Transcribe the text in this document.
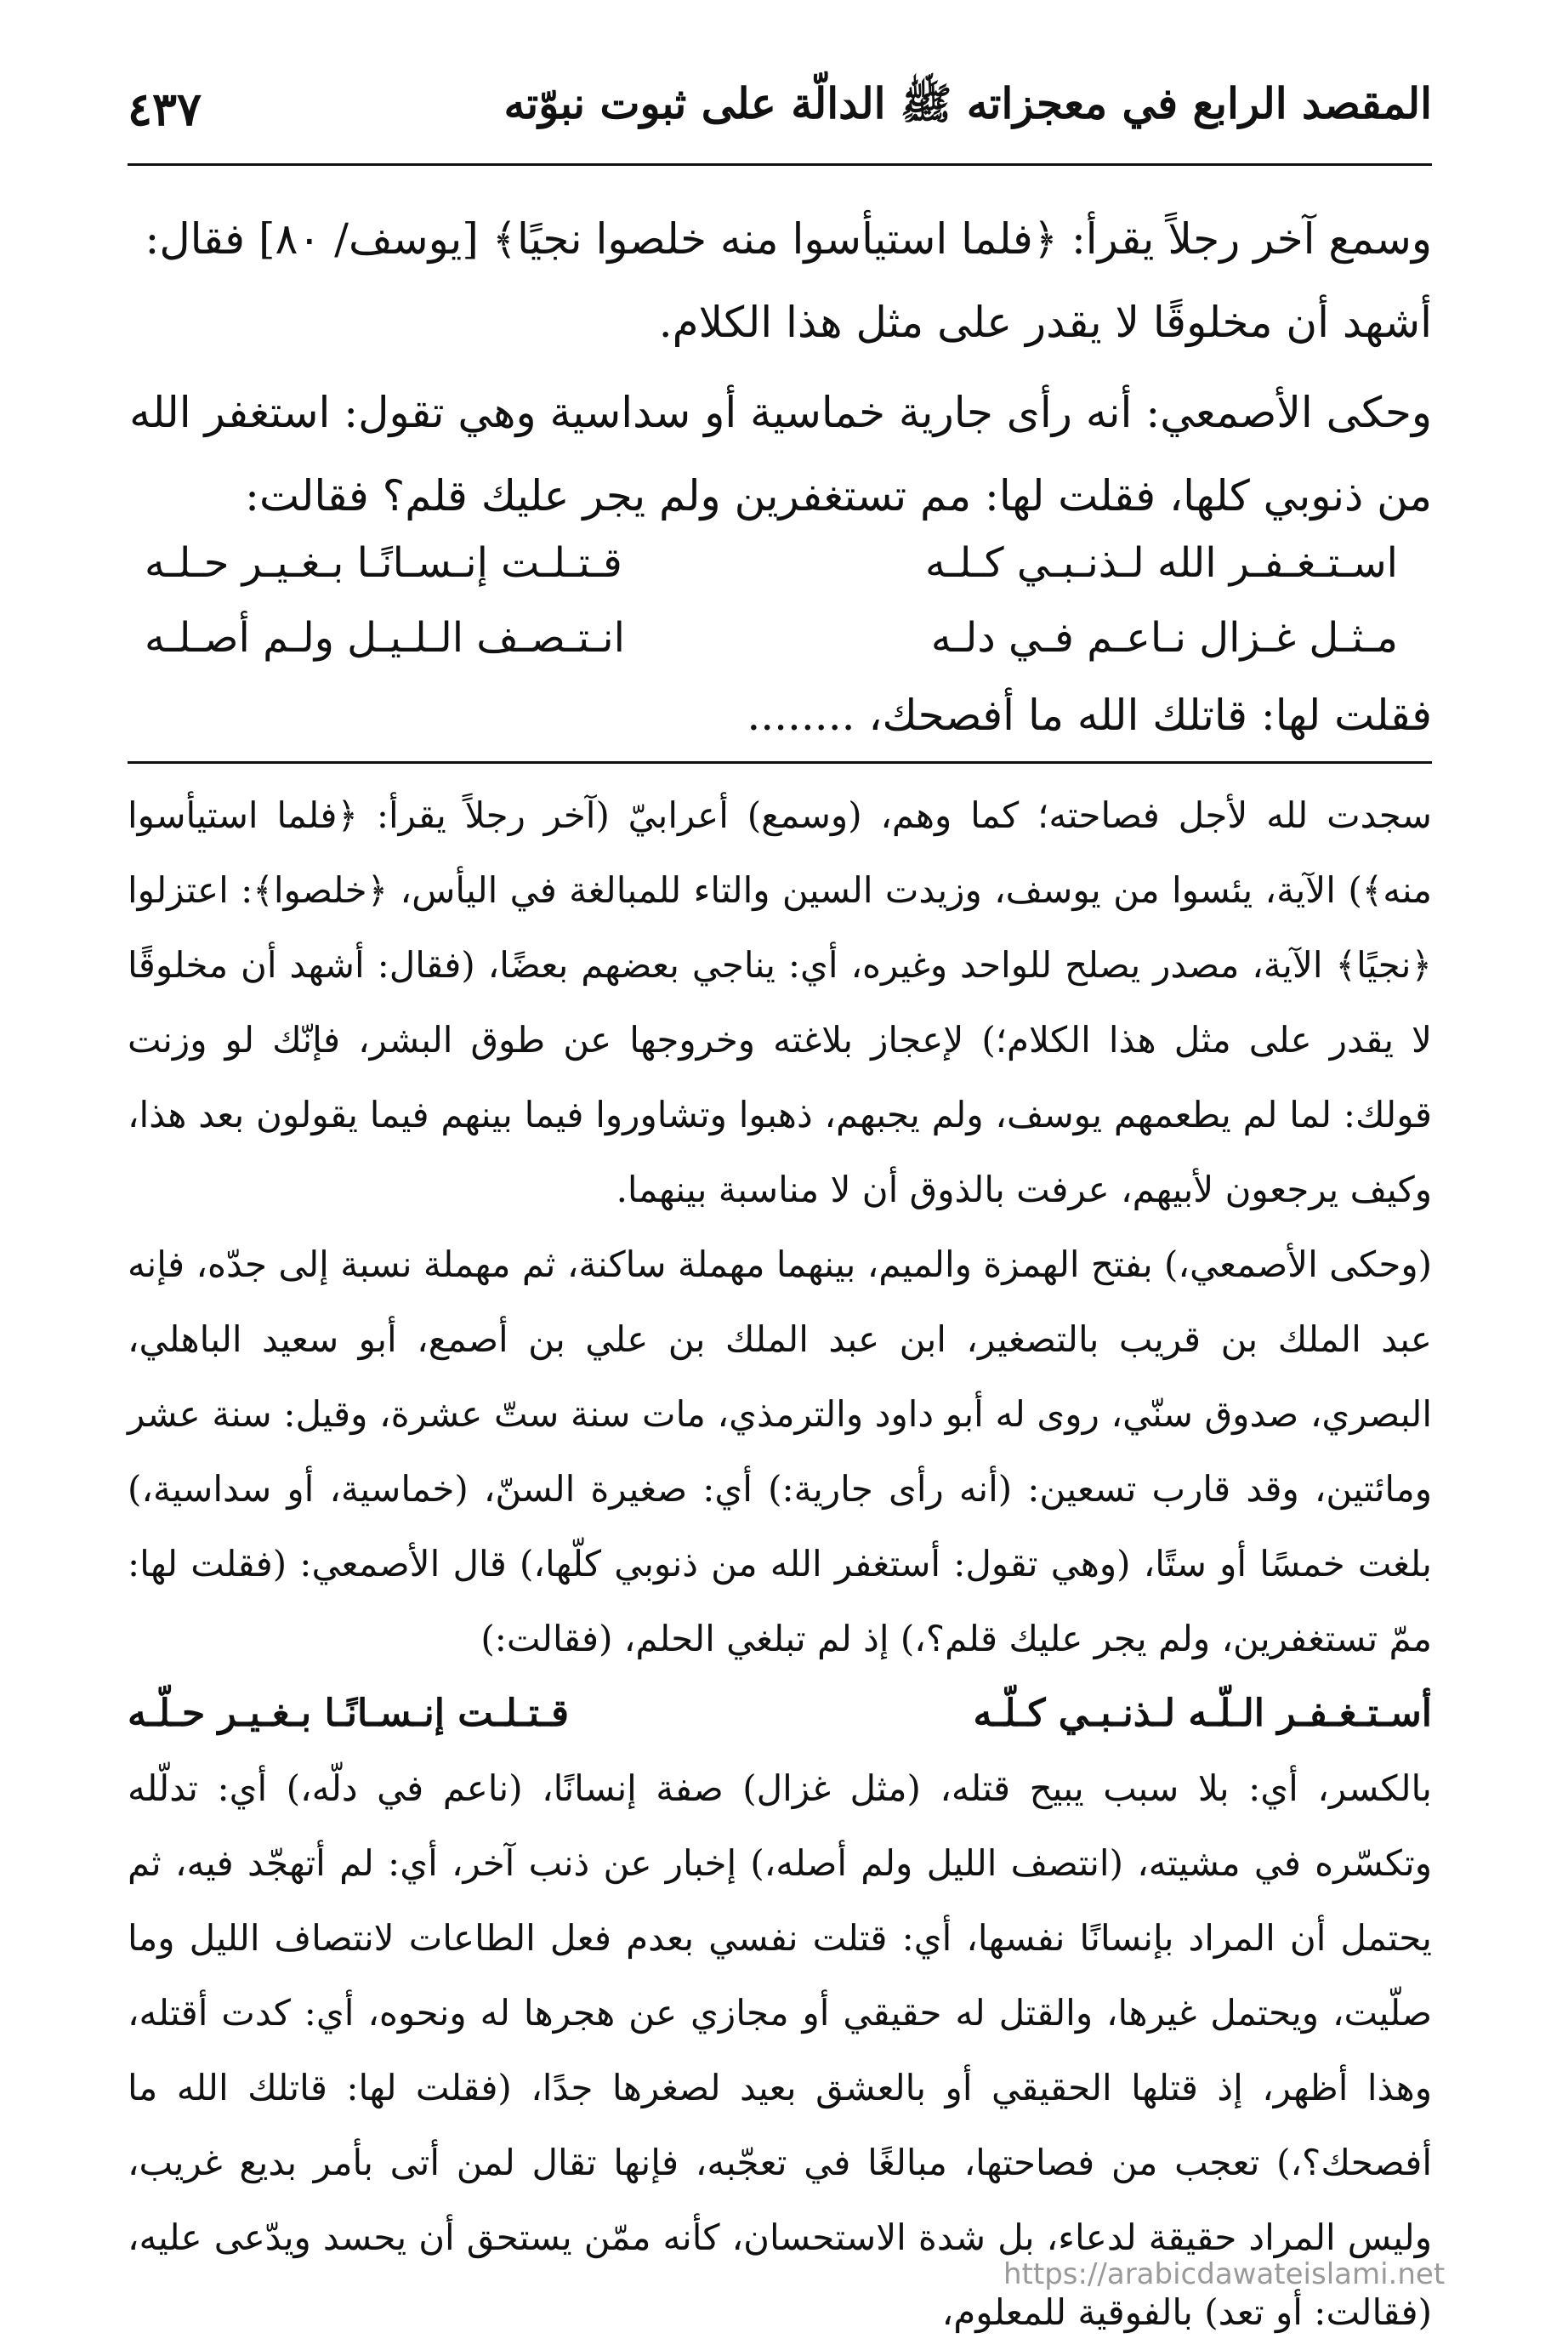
المقصد الرابع في معجزاته ﷺ الدالّة على ثبوت نبوّته
٤٣٧

وسمع آخر رجلاً يقرأ: ﴿فلما استيأسوا منه خلصوا نجيًا﴾ [يوسف/ ٨٠] فقال: أشهد أن مخلوقًا لا يقدر على مثل هذا الكلام.

وحكى الأصمعي: أنه رأى جارية خماسية أو سداسية وهي تقول: استغفر الله من ذنوبي كلها، فقلت لها: مم تستغفرين ولم يجر عليك قلم؟ فقالت:

اسـتـغـفـر الله لـذنـبـي كـلـه
قـتـلـت إنـسـانًـا بـغـيـر حـلـه
مـثـل غـزال نـاعـم فـي دلـه
انـتـصـف الـلـيـل ولـم أصـلـه

فقلت لها: قاتلك الله ما أفصحك، ........

سجدت لله لأجل فصاحته؛ كما وهم، (وسمع) أعرابيّ (آخر رجلاً يقرأ: ﴿فلما استيأسوا منه﴾) الآية، يئسوا من يوسف، وزيدت السين والتاء للمبالغة في اليأس، ﴿خلصوا﴾: اعتزلوا ﴿نجيًا﴾ الآية، مصدر يصلح للواحد وغيره، أي: يناجي بعضهم بعضًا، (فقال: أشهد أن مخلوقًا لا يقدر على مثل هذا الكلام؛) لإعجاز بلاغته وخروجها عن طوق البشر، فإنّك لو وزنت قولك: لما لم يطعمهم يوسف، ولم يجبهم، ذهبوا وتشاوروا فيما بينهم فيما يقولون بعد هذا، وكيف يرجعون لأبيهم، عرفت بالذوق أن لا مناسبة بينهما.

(وحكى الأصمعي،) بفتح الهمزة والميم، بينهما مهملة ساكنة، ثم مهملة نسبة إلى جدّه، فإنه عبد الملك بن قريب بالتصغير، ابن عبد الملك بن علي بن أصمع، أبو سعيد الباهلي، البصري، صدوق سنّي، روى له أبو داود والترمذي، مات سنة ستّ عشرة، وقيل: سنة عشر ومائتين، وقد قارب تسعين: (أنه رأى جارية:) أي: صغيرة السنّ، (خماسية، أو سداسية،) بلغت خمسًا أو ستًا، (وهي تقول: أستغفر الله من ذنوبي كلّها،) قال الأصمعي: (فقلت لها: ممّ تستغفرين، ولم يجر عليك قلم؟،) إذ لم تبلغي الحلم، (فقالت:)

أسـتـغـفـر الـلّـه لـذنـبـي كـلّـه
قـتـلـت إنـسـانًـا بـغـيـر حـلّـه

بالكسر، أي: بلا سبب يبيح قتله، (مثل غزال) صفة إنسانًا، (ناعم في دلّه،) أي: تدلّله وتكسّره في مشيته، (انتصف الليل ولم أصله،) إخبار عن ذنب آخر، أي: لم أتهجّد فيه، ثم يحتمل أن المراد بإنسانًا نفسها، أي: قتلت نفسي بعدم فعل الطاعات لانتصاف الليل وما صلّيت، ويحتمل غيرها، والقتل له حقيقي أو مجازي عن هجرها له ونحوه، أي: كدت أقتله، وهذا أظهر، إذ قتلها الحقيقي أو بالعشق بعيد لصغرها جدًا، (فقلت لها: قاتلك الله ما أفصحك؟،) تعجب من فصاحتها، مبالغًا في تعجّبه، فإنها تقال لمن أتى بأمر بديع غريب، وليس المراد حقيقة لدعاء، بل شدة الاستحسان، كأنه ممّن يستحق أن يحسد ويدّعى عليه، (فقالت: أو تعد) بالفوقية للمعلوم،

https://arabicdawateislami.net
